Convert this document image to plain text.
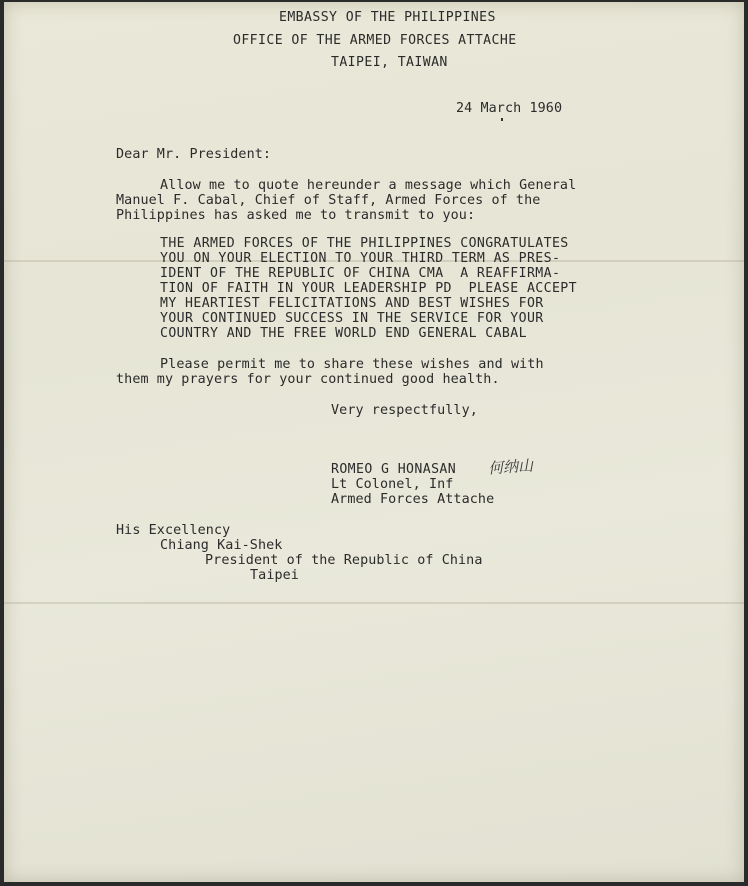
EMBASSY OF THE PHILIPPINES

OFFICE OF THE ARMED FORCES ATTACHE

TAIPEI, TAIWAN

24 March 1960

Dear Mr. President:

Allow me to quote hereunder a message which General

Manuel F. Cabal, Chief of Staff, Armed Forces of the

Philippines has asked me to transmit to you:

THE ARMED FORCES OF THE PHILIPPINES CONGRATULATES

YOU ON YOUR ELECTION TO YOUR THIRD TERM AS PRES-

IDENT OF THE REPUBLIC OF CHINA CMA  A REAFFIRMA-

TION OF FAITH IN YOUR LEADERSHIP PD  PLEASE ACCEPT

MY HEARTIEST FELICITATIONS AND BEST WISHES FOR

YOUR CONTINUED SUCCESS IN THE SERVICE FOR YOUR

COUNTRY AND THE FREE WORLD END GENERAL CABAL

Please permit me to share these wishes and with

them my prayers for your continued good health.

Very respectfully,

ROMEO G HONASAN 何纳山

Lt Colonel, Inf

Armed Forces Attache

His Excellency

Chiang Kai-Shek

President of the Republic of China

Taipei
